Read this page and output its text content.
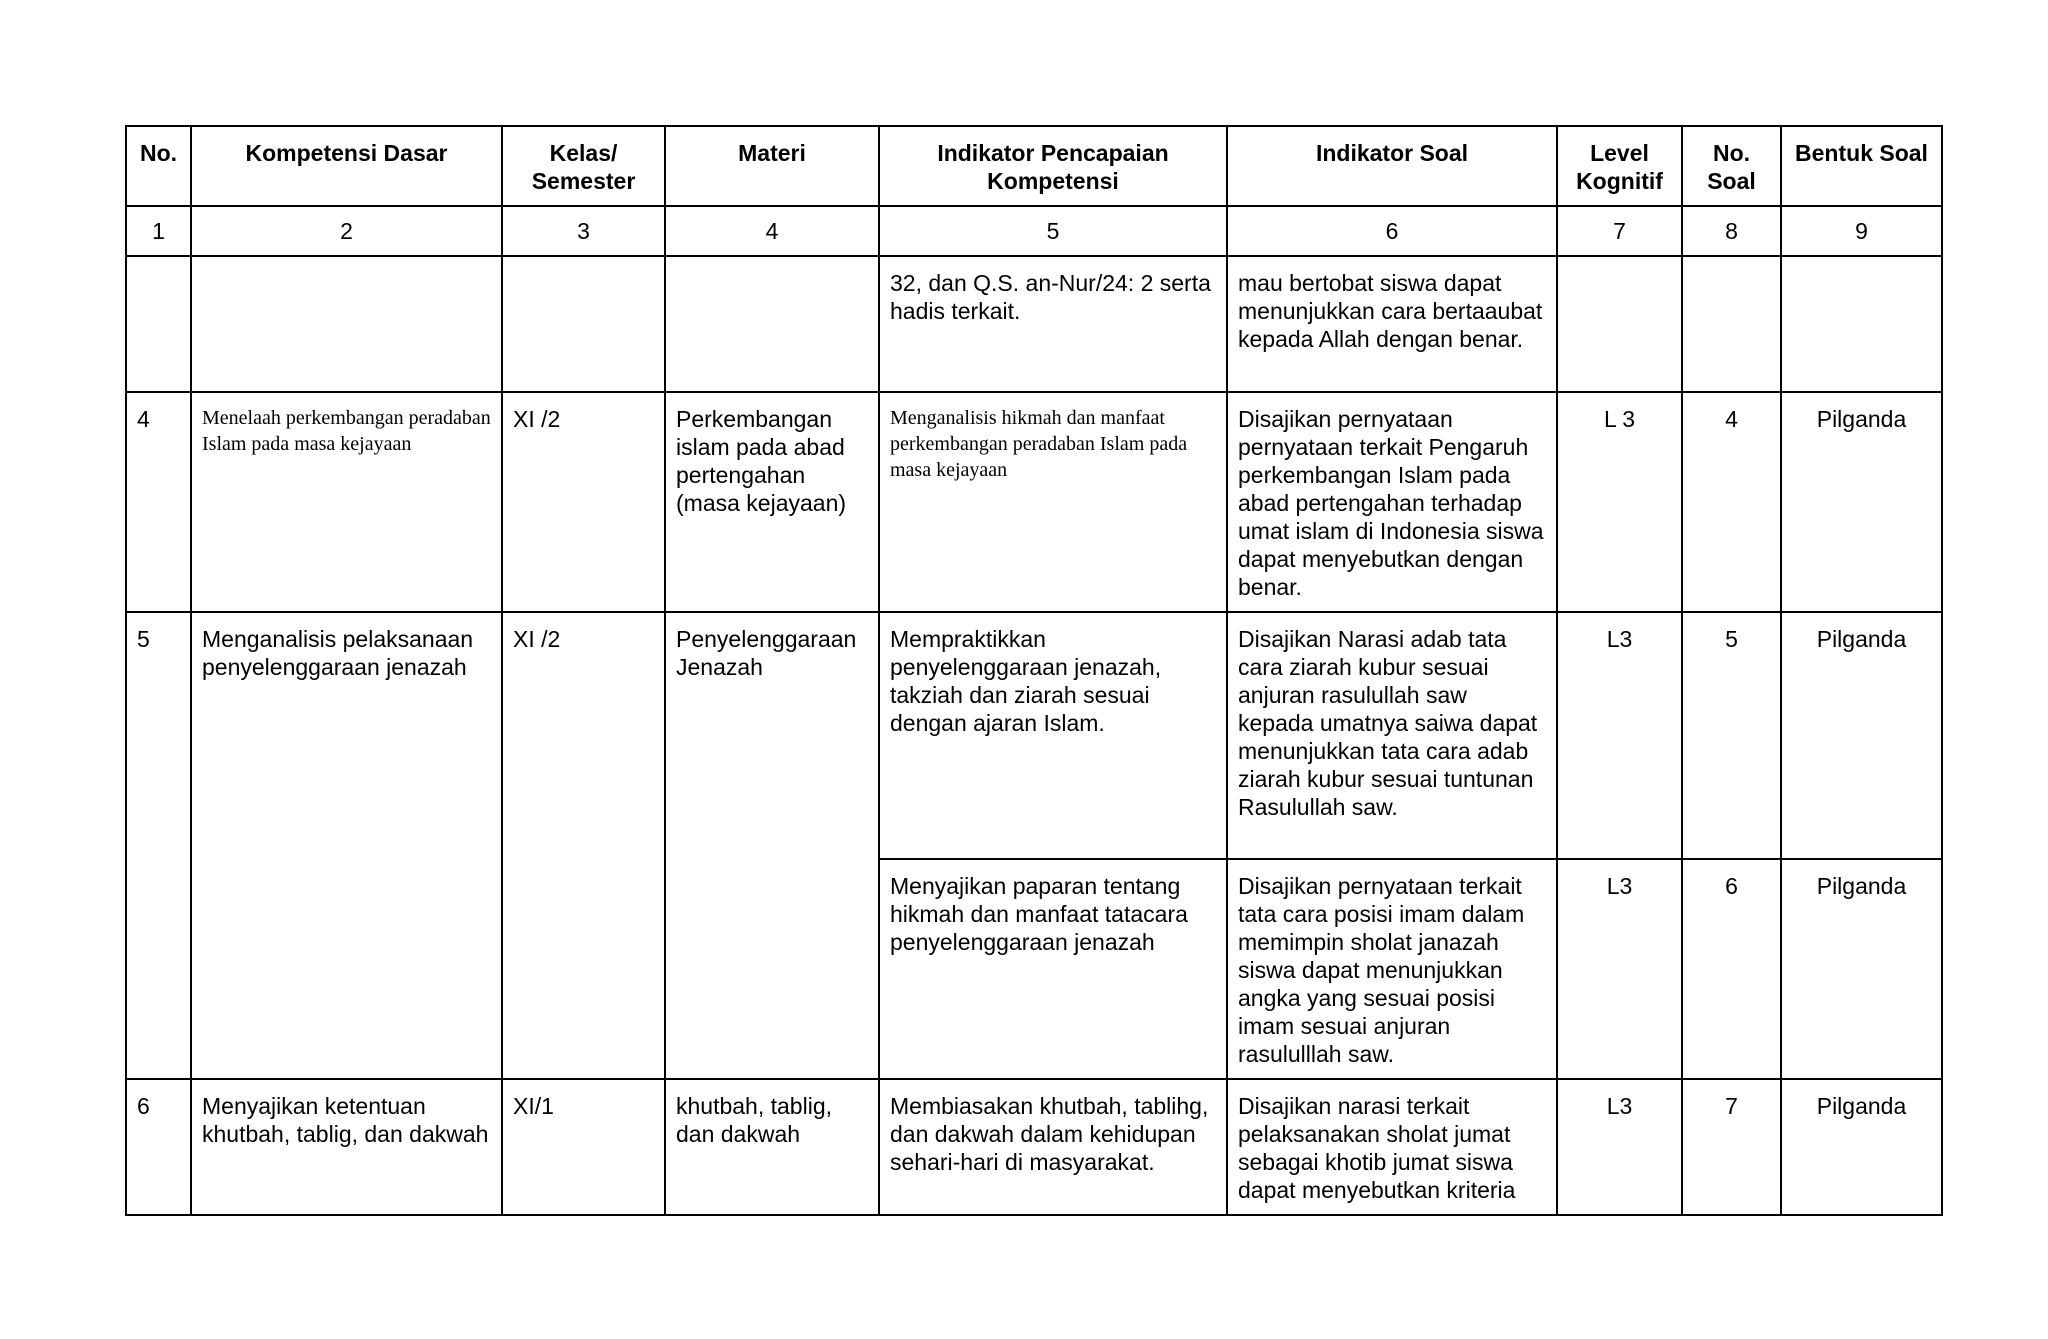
No.	Kompetensi Dasar	Kelas/ Semester	Materi	Indikator Pencapaian Kompetensi	Indikator Soal	Level Kognitif	No. Soal	Bentuk Soal
1	2	3	4	5	6	7	8	9
				32, dan Q.S. an-Nur/24: 2 serta hadis terkait.	mau bertobat siswa dapat menunjukkan cara bertaaubat kepada Allah dengan benar.			
4	Menelaah perkembangan peradaban Islam pada masa kejayaan	XI /2	Perkembangan islam pada abad pertengahan (masa kejayaan)	Menganalisis hikmah dan manfaat perkembangan peradaban Islam pada masa kejayaan	Disajikan pernyataan pernyataan terkait Pengaruh perkembangan Islam pada abad pertengahan terhadap umat islam di Indonesia siswa dapat menyebutkan dengan benar.	L 3	4	Pilganda
5	Menganalisis pelaksanaan penyelenggaraan jenazah	XI /2	Penyelenggaraan Jenazah	Mempraktikkan penyelenggaraan jenazah, takziah dan ziarah sesuai dengan ajaran Islam.	Disajikan Narasi adab tata cara ziarah kubur sesuai anjuran rasulullah saw kepada umatnya saiwa dapat menunjukkan tata cara adab ziarah kubur sesuai tuntunan Rasulullah saw.	L3	5	Pilganda
				Menyajikan paparan tentang hikmah dan manfaat tatacara penyelenggaraan jenazah	Disajikan pernyataan terkait tata cara posisi imam dalam memimpin sholat janazah siswa dapat menunjukkan angka yang sesuai posisi imam sesuai anjuran rasululllah saw.	L3	6	Pilganda
6	Menyajikan ketentuan khutbah, tablig, dan dakwah	XI/1	khutbah, tablig, dan dakwah	Membiasakan khutbah, tablihg, dan dakwah dalam kehidupan sehari-hari di masyarakat.	Disajikan narasi terkait pelaksanakan sholat jumat sebagai khotib jumat siswa dapat menyebutkan kriteria	L3	7	Pilganda
